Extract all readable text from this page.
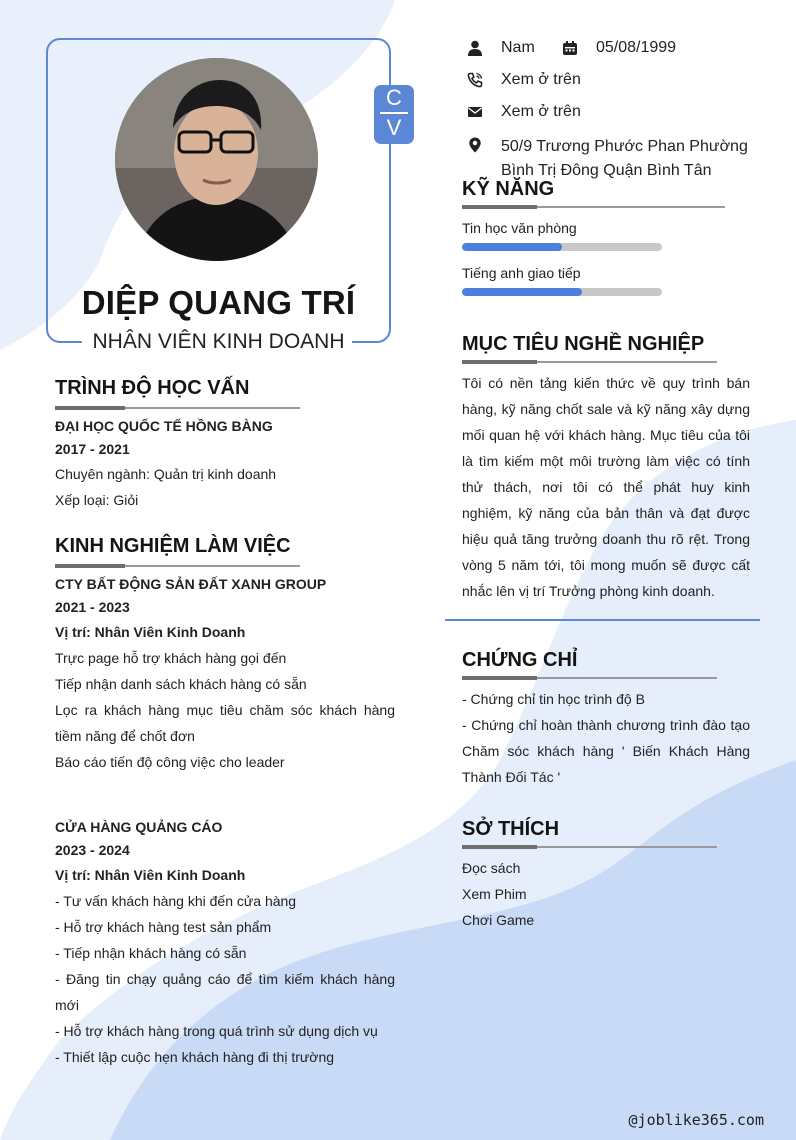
C
V
DIỆP QUANG TRÍ
NHÂN VIÊN KINH DOANH
Nam	05/08/1999
Xem ở trên
Xem ở trên
50/9 Trương Phước Phan Phường
Bình Trị Đông Quận Bình Tân
TRÌNH ĐỘ HỌC VẤN
ĐẠI HỌC QUỐC TẾ HỒNG BÀNG
2017 - 2021
Chuyên ngành: Quản trị kinh doanh
Xếp loại: Giỏi
KINH NGHIỆM LÀM VIỆC
CTY BẤT ĐỘNG SẢN ĐẤT XANH GROUP
2021 - 2023
Vị trí: Nhân Viên Kinh Doanh
Trực page hỗ trợ khách hàng gọi đến
Tiếp nhận danh sách khách hàng có sẵn
Lọc ra khách hàng mục tiêu chăm sóc khách hàng tiềm năng để chốt đơn
Báo cáo tiến độ công việc cho leader
CỬA HÀNG QUẢNG CÁO
2023 - 2024
Vị trí: Nhân Viên Kinh Doanh
- Tư vấn khách hàng khi đến cửa hàng
- Hỗ trợ khách hàng test sản phẩm
- Tiếp nhận khách hàng có sẵn
- Đăng tin chạy quảng cáo để tìm kiếm khách hàng mới
- Hỗ trợ khách hàng trong quá trình sử dụng dịch vụ
- Thiết lập cuộc hẹn khách hàng đi thị trường
KỸ NĂNG
Tin học văn phòng
Tiếng anh giao tiếp
MỤC TIÊU NGHỀ NGHIỆP
Tôi có nền tảng kiến thức về quy trình bán hàng, kỹ năng chốt sale và kỹ năng xây dựng mối quan hệ với khách hàng. Mục tiêu của tôi là tìm kiếm một môi trường làm việc có tính thử thách, nơi tôi có thể phát huy kinh nghiệm, kỹ năng của bản thân và đạt được hiệu quả tăng trưởng doanh thu rõ rệt. Trong vòng 5 năm tới, tôi mong muốn sẽ được cất nhắc lên vị trí Trưởng phòng kinh doanh.
CHỨNG CHỈ
- Chứng chỉ tin học trình độ B
- Chứng chỉ hoàn thành chương trình đào tạo Chăm sóc khách hàng ' Biến Khách Hàng Thành Đối Tác '
SỞ THÍCH
Đọc sách
Xem Phim
Chơi Game
@joblike365.com
